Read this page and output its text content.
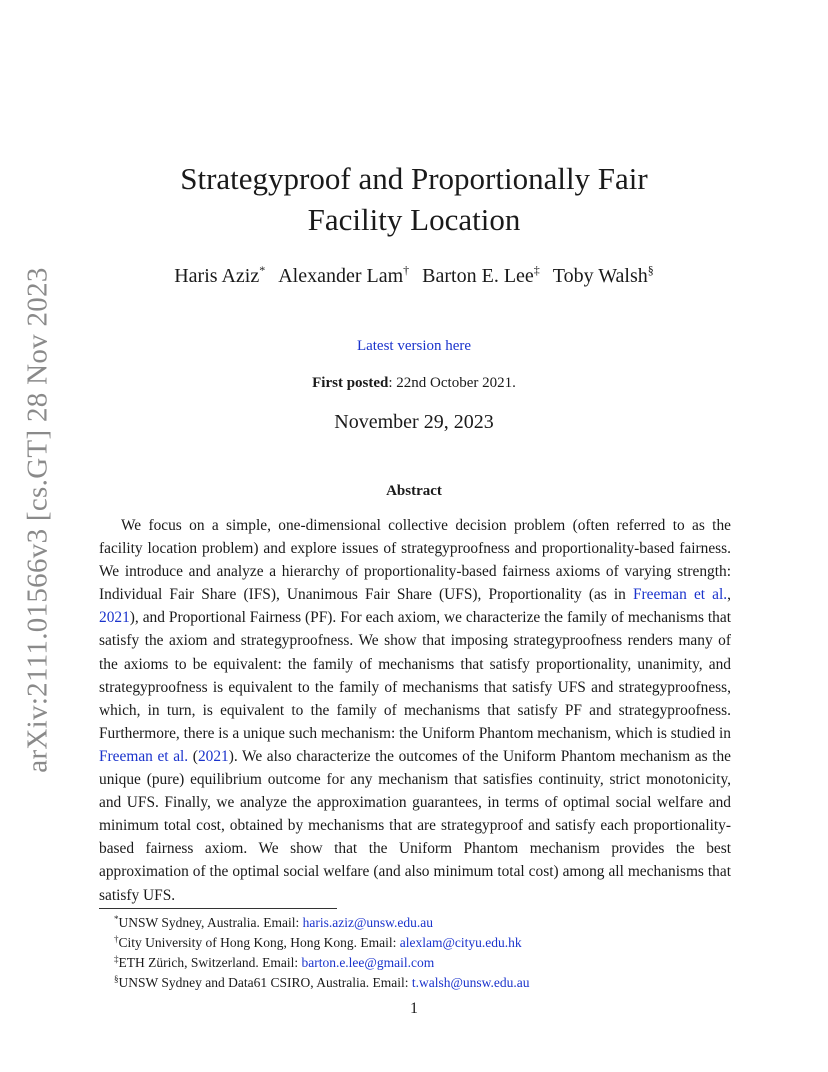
arXiv:2111.01566v3 [cs.GT] 28 Nov 2023
Strategyproof and Proportionally Fair
Facility Location
Haris Aziz* Alexander Lam† Barton E. Lee‡ Toby Walsh§
Latest version here
First posted: 22nd October 2021.
November 29, 2023
Abstract

We focus on a simple, one-dimensional collective decision problem (often referred to as the facility location problem) and explore issues of strategyproofness and proportionality-based fairness. We introduce and analyze a hierarchy of proportionality-based fairness axioms of varying strength: Individual Fair Share (IFS), Unanimous Fair Share (UFS), Proportionality (as in Freeman et al., 2021), and Proportional Fairness (PF). For each axiom, we characterize the family of mechanisms that satisfy the axiom and strategyproofness. We show that imposing strategyproofness renders many of the axioms to be equivalent: the family of mechanisms that satisfy proportionality, unanimity, and strategyproofness is equivalent to the family of mechanisms that satisfy UFS and strategyproofness, which, in turn, is equivalent to the family of mechanisms that satisfy PF and strategyproofness. Furthermore, there is a unique such mechanism: the Uniform Phantom mechanism, which is studied in Freeman et al. (2021). We also characterize the outcomes of the Uniform Phantom mechanism as the unique (pure) equilibrium outcome for any mechanism that satisfies continuity, strict monotonicity, and UFS. Finally, we analyze the approximation guarantees, in terms of optimal social welfare and minimum total cost, obtained by mechanisms that are strategyproof and satisfy each proportionality-based fairness axiom. We show that the Uniform Phantom mechanism provides the best approximation of the optimal social welfare (and also minimum total cost) among all mechanisms that satisfy UFS.

*UNSW Sydney, Australia. Email: haris.aziz@unsw.edu.au
†City University of Hong Kong, Hong Kong. Email: alexlam@cityu.edu.hk
‡ETH Zürich, Switzerland. Email: barton.e.lee@gmail.com
§UNSW Sydney and Data61 CSIRO, Australia. Email: t.walsh@unsw.edu.au
1
